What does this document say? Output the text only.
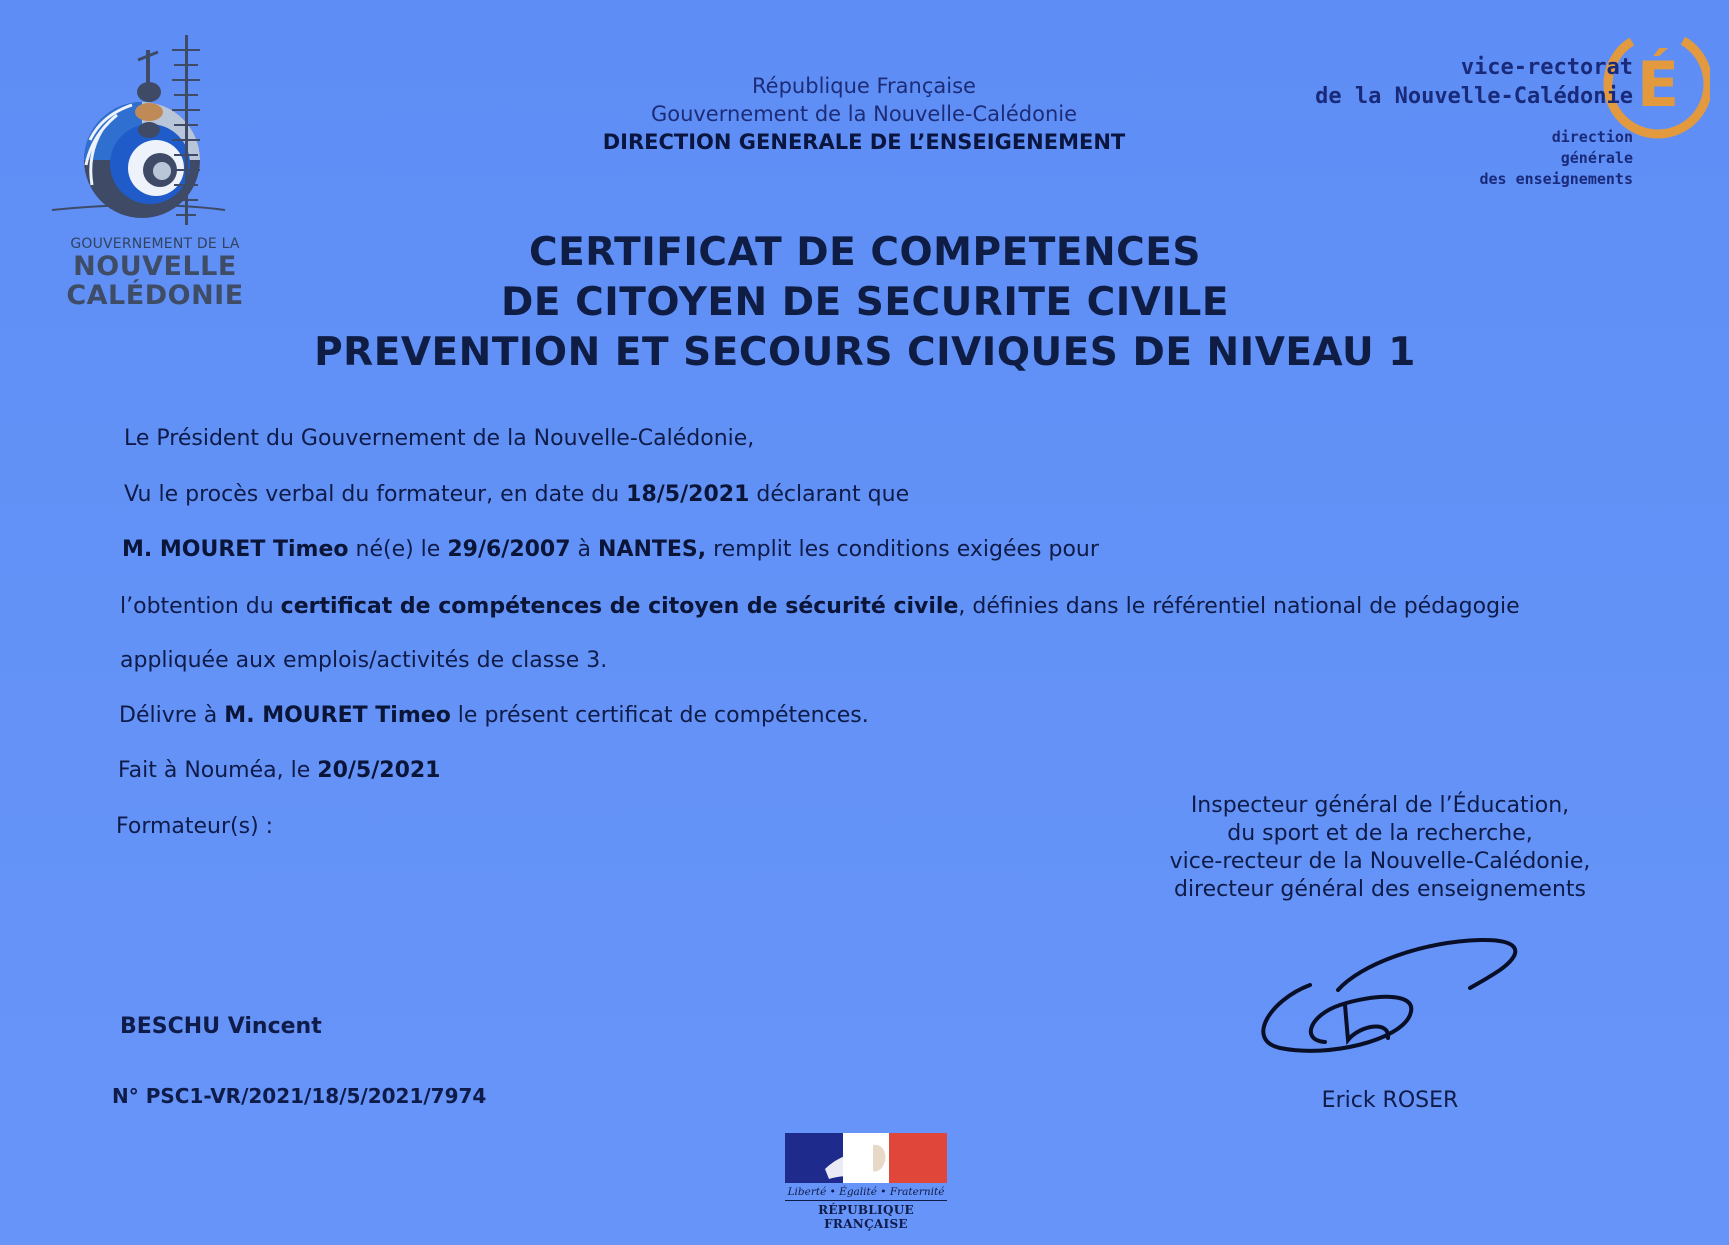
GOUVERNEMENT DE LA
NOUVELLE
CALÉDONIE
É
vice-rectorat
de la Nouvelle-Calédonie
direction
générale
des enseignements
République Française
Gouvernement de la Nouvelle-Calédonie
DIRECTION GENERALE DE L’ENSEIGENEMENT
CERTIFICAT DE COMPETENCES
DE CITOYEN DE SECURITE CIVILE
PREVENTION ET SECOURS CIVIQUES DE NIVEAU 1
Le Président du Gouvernement de la Nouvelle-Calédonie,
Vu le procès verbal du formateur, en date du 18/5/2021 déclarant que
M. MOURET Timeo né(e) le 29/6/2007 à NANTES, remplit les conditions exigées pour
l’obtention du certificat de compétences de citoyen de sécurité civile, définies dans le référentiel national de pédagogie
appliquée aux emplois/activités de classe 3.
Délivre à M. MOURET Timeo le présent certificat de compétences.
Fait à Nouméa, le 20/5/2021
Formateur(s) :
Inspecteur général de l’Éducation,
du sport et de la recherche,
vice-recteur de la Nouvelle-Calédonie,
directeur général des enseignements
Erick ROSER
BESCHU Vincent
N° PSC1-VR/2021/18/5/2021/7974
Liberté • Égalité • Fraternité
RÉPUBLIQUE FRANÇAISE
